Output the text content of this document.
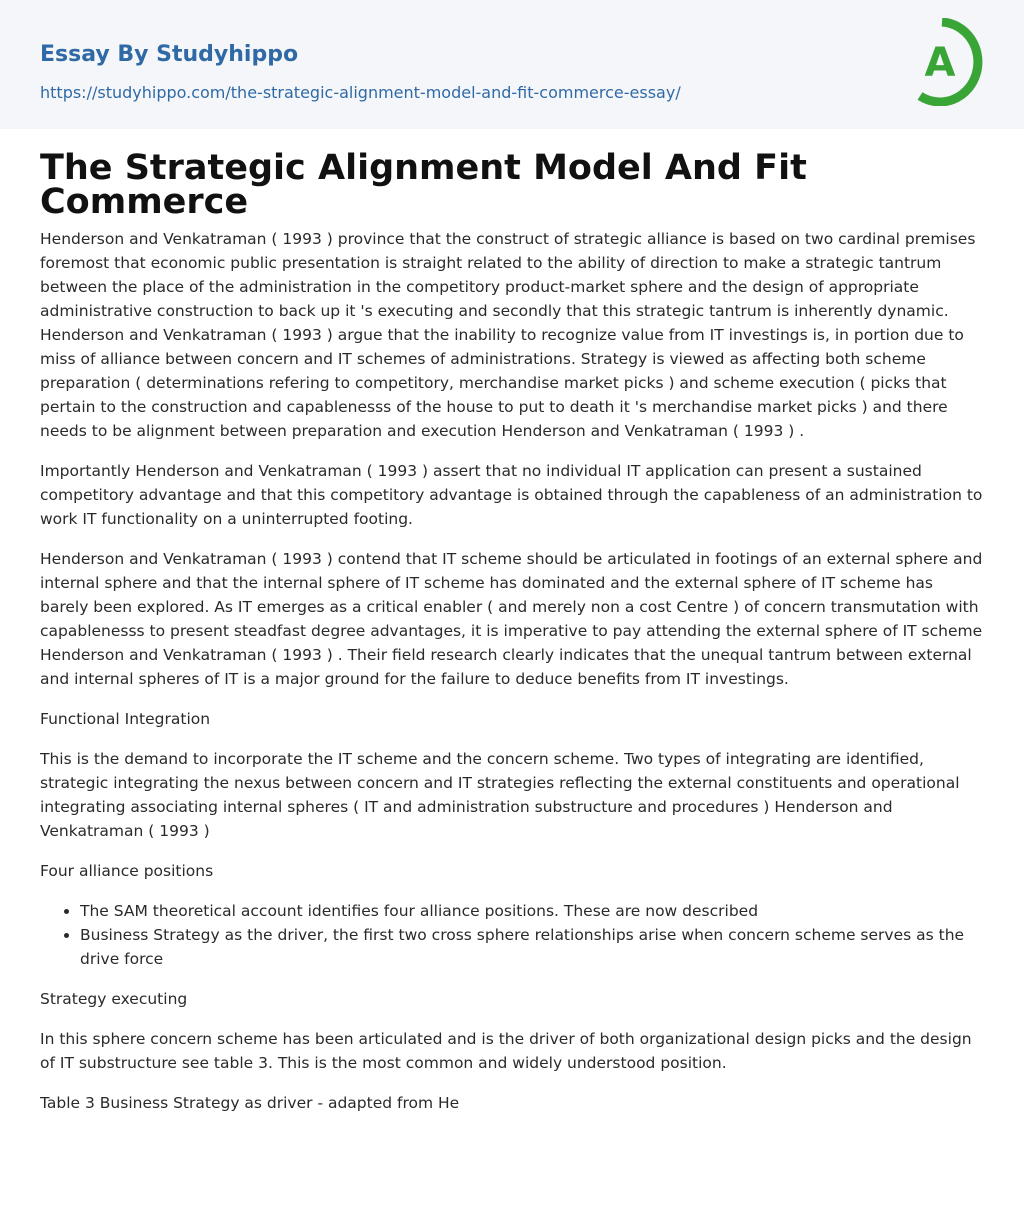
Essay By Studyhippo
https://studyhippo.com/the-strategic-alignment-model-and-fit-commerce-essay/
A
The Strategic Alignment Model And Fit Commerce

Henderson and Venkatraman ( 1993 ) province that the construct of strategic alliance is based on two cardinal premises foremost that economic public presentation is straight related to the ability of direction to make a strategic tantrum between the place of the administration in the competitory product-market sphere and the design of appropriate administrative construction to back up it 's executing and secondly that this strategic tantrum is inherently dynamic. Henderson and Venkatraman ( 1993 ) argue that the inability to recognize value from IT investings is, in portion due to miss of alliance between concern and IT schemes of administrations. Strategy is viewed as affecting both scheme preparation ( determinations refering to competitory, merchandise market picks ) and scheme execution ( picks that pertain to the construction and capablenesss of the house to put to death it 's merchandise market picks ) and there needs to be alignment between preparation and execution Henderson and Venkatraman ( 1993 ) .

Importantly Henderson and Venkatraman ( 1993 ) assert that no individual IT application can present a sustained competitory advantage and that this competitory advantage is obtained through the capableness of an administration to work IT functionality on a uninterrupted footing.

Henderson and Venkatraman ( 1993 ) contend that IT scheme should be articulated in footings of an external sphere and internal sphere and that the internal sphere of IT scheme has dominated and the external sphere of IT scheme has barely been explored. As IT emerges as a critical enabler ( and merely non a cost Centre ) of concern transmutation with capablenesss to present steadfast degree advantages, it is imperative to pay attending the external sphere of IT scheme Henderson and Venkatraman ( 1993 ) . Their field research clearly indicates that the unequal tantrum between external and internal spheres of IT is a major ground for the failure to deduce benefits from IT investings.

Functional Integration

This is the demand to incorporate the IT scheme and the concern scheme. Two types of integrating are identified, strategic integrating the nexus between concern and IT strategies reflecting the external constituents and operational integrating associating internal spheres ( IT and administration substructure and procedures ) Henderson and Venkatraman ( 1993 )

Four alliance positions

• The SAM theoretical account identifies four alliance positions. These are now described
• Business Strategy as the driver, the first two cross sphere relationships arise when concern scheme serves as the drive force

Strategy executing

In this sphere concern scheme has been articulated and is the driver of both organizational design picks and the design of IT substructure see table 3. This is the most common and widely understood position.

Table 3 Business Strategy as driver - adapted from He
